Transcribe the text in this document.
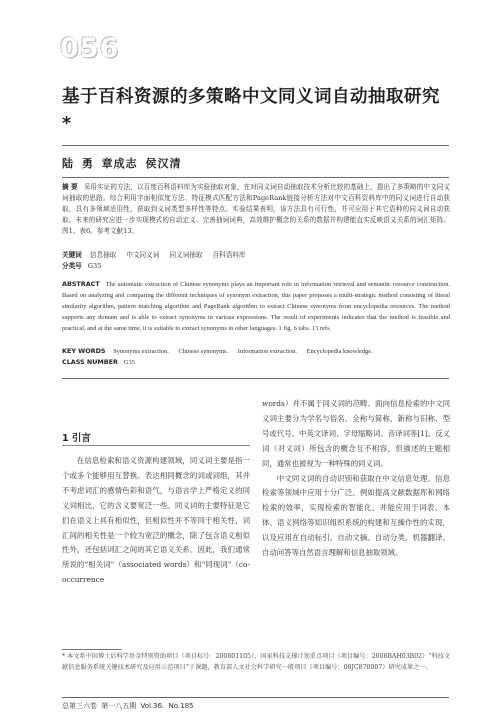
056
基于百科资源的多策略中文同义词自动抽取研究 *
陆 勇 章成志 侯汉清
摘 要 采用实证的方法，以百度百科语料库为实验抽取对象，在对同义词自动抽取技术分析比较的基础上，提出了多策略的中文同义词抽取的思路。综合利用字面相似度方法、特征模式匹配方法和PageRank链接分析方法对中文百科资料库中的同义词进行自动获取，具有多领域适用性，获取到义词类型多样性等特点。实验结果表明，该方法具有可行性，并可应用于其它语种的同义词自动获取。未来的研究应进一步实现模式的自动定义、完善抽词词典，高效维护概念的关系的数据并构建能直实反映语义关系的词汇矩阵。图1。表6。参考文献13。
关键词 信息抽取 中文同义词 同义词抽取 百科语料库
分类号 G35
ABSTRACT The automatic extraction of Chinese synonyms plays an important role in information retrieval and semantic resource construction. Based on analyzing and comparing the different techniques of synonym extraction, this paper proposes a multi-strategic method consisting of literal similarity algorithm, pattern matching algorithm and PageRank algorithm to extract Chinese synonyms from encyclopedia resources. The method supports any domain and is able to extract synonyms in various expressions. The result of experiments indicates that the method is feasible and practical, and at the same time, it is suitable to extract synonyms in other languages. 1 fig. 6 tabs. 13 refs.
KEY WORDS Synonyms extraction. Chinese synonyms. Information extraction. Encyclopedia knowledge.
CLASS NUMBER G35
1 引言

在信息检索和语义资源构建领域，同义词主要是指一个或多个能够用互替换、表达相同概念的词或词组，其并不考虑词汇的感情色彩和语气，与语言学上严格定义的同义词相比，它的含义要宽泛一些。同义词的主要特征是它们在语义上具有相似性，但相似性并不等同于相关性，词汇间的相关性是一个较为宽泛的概念，除了包含语义相似性外，还包括词汇之间的其它语义关系。因此，我们通常所说的“相关词”（associated words）和“同现词”（co-occurrence

words）并不属于同义词的范畴。面向信息检索的中文同义词主要分为学名与俗名、全称与简称、新称与旧称、型号或代号、中英文译词、字母缩略词、音译词等[1]。反义词（对义词）所包含的概念互不相容，但描述的主题相同，通常也被视为一种特殊的同义词。

中文同义词的自动识别和获取在中文信息处理、信息检索等领域中应用十分广泛。例如提高文献数据库和网络检索的效率，实现检索的智能化，并能应用于词表、本体、语义网络等知识组织系统的构建和互操作性的实现，以及应用在自动标引、自动文摘、自动分类、机器翻译、自动问答等自然语言理解和信息抽取领域。

* 本文系中国博士后科学基金特别资助项目（项目标号：200801105）、国家科技支撑计划重点项目（项目编号：2006BAH03B02）“科技文献信息服务系统关键技术研究及应用示范项目”子课题，教育部人文社会科学研究一般项目（项目编号：08JC870007）研究成果之一。
总第三六卷 第一八五期 Vol.36. No.185
